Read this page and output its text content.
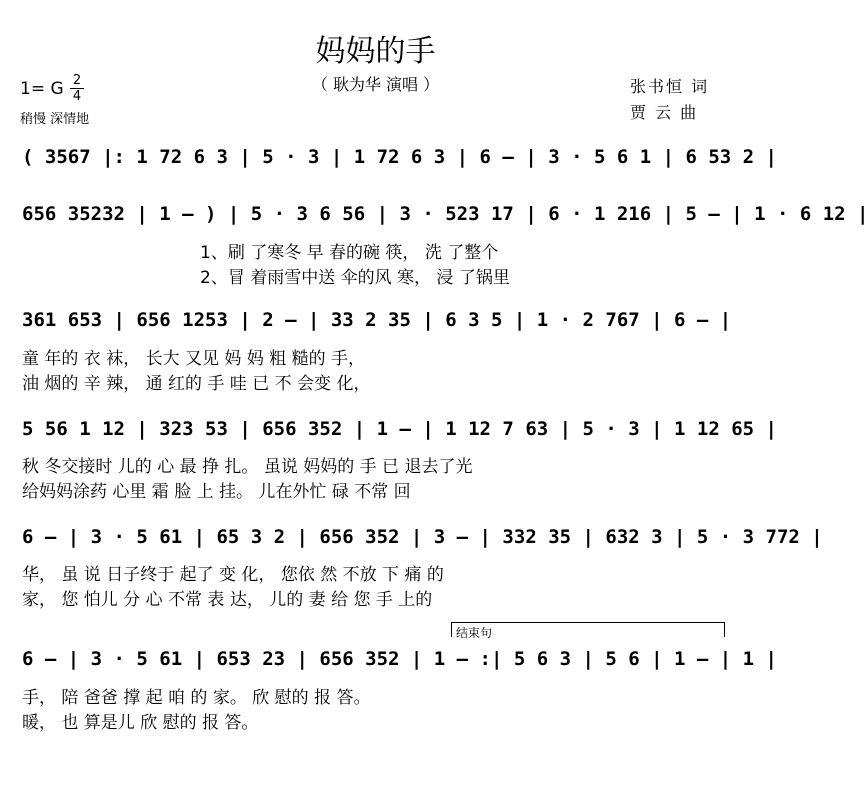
妈妈的手
（ 耿为华 演唱 ）	张书恒 词
贾 云 曲
1= G 2
4
稍慢 深情地
( 3567 |: 1 72 6 3 | 5 · 3 | 1 72 6 3 | 6 – | 3 · 5 6 1 | 6 53 2 |
656 35232 | 1 – ) | 5 · 3 6 56 | 3 · 523 17 | 6 · 1 216 | 5 – | 1 · 6 12 |
1、刷 了寒冬 早 春的碗 筷， 洗 了整个
2、冒 着雨雪中送 伞的风 寒， 浸 了锅里
361 653 | 656 1253 | 2 – | 33 2 35 | 6 3 5 | 1 · 2 767 | 6 – |
童 年的 衣 袜， 长大 又见 妈 妈 粗 糙的 手，
油 烟的 辛 辣， 通 红的 手 哇 已 不 会变 化，
5 56 1 12 | 323 53 | 656 352 | 1 – | 1 12 7 63 | 5 · 3 | 1 12 65 |
秋 冬交接时 儿的 心 最 挣 扎。 虽说 妈妈的 手 已 退去了光
给妈妈涂药 心里 霜 脸 上 挂。 儿在外忙 碌 不常 回
6 – | 3 · 5 61 | 65 3 2 | 656 352 | 3 – | 332 35 | 632 3 | 5 · 3 772 |
华， 虽 说 日子终于 起了 变 化， 您依 然 不放 下 痛 的
家， 您 怕儿 分 心 不常 表 达， 儿的 妻 给 您 手 上的
结束句
6 – | 3 · 5 61 | 653 23 | 656 352 | 1 – :| 5 6 3 | 5 6 | 1 – | 1 |
手， 陪 爸爸 撑 起 咱 的 家。 欣 慰的 报 答。
暖， 也 算是儿 欣 慰的 报 答。
